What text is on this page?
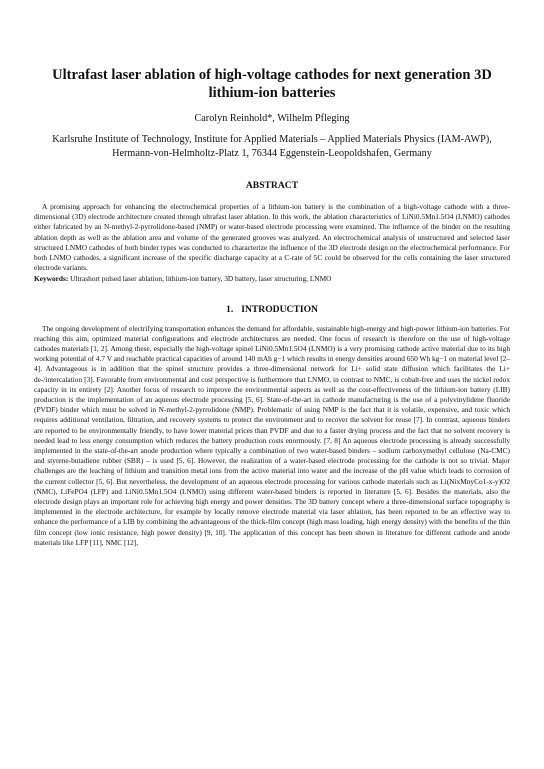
Ultrafast laser ablation of high-voltage cathodes for next generation 3D lithium-ion batteries
Carolyn Reinhold*, Wilhelm Pfleging
Karlsruhe Institute of Technology, Institute for Applied Materials – Applied Materials Physics (IAM-AWP), Hermann-von-Helmholtz-Platz 1, 76344 Eggenstein-Leopoldshafen, Germany
ABSTRACT

A promising approach for enhancing the electrochemical properties of a lithium-ion battery is the combination of a high-voltage cathode with a three-dimensional (3D) electrode architecture created through ultrafast laser ablation. In this work, the ablation characteristics of LiNi0.5Mn1.5O4 (LNMO) cathodes either fabricated by an N-methyl-2-pyrrolidone-based (NMP) or water-based electrode processing were examined. The influence of the binder on the resulting ablation depth as well as the ablation area and volume of the generated grooves was analyzed. An electrochemical analysis of unstructured and selected laser structured LNMO cathodes of both binder types was conducted to characterize the influence of the 3D electrode design on the electrochemical performance. For both LNMO cathodes, a significant increase of the specific discharge capacity at a C-rate of 5C could be observed for the cells containing the laser structured electrode variants.

Keywords: Ultrashort pulsed laser ablation, lithium-ion battery, 3D battery, laser structuring, LNMO
1. INTRODUCTION

The ongoing development of electrifying transportation enhances the demand for affordable, sustainable high-energy and high-power lithium-ion batteries. For reaching this aim, optimized material configurations and electrode architectures are needed. One focus of research is therefore on the use of high-voltage cathodes materials [1, 2]. Among these, especially the high-voltage spinel LiNi0.5Mn1.5O4 (LNMO) is a very promising cathode active material due to its high working potential of 4.7 V and reachable practical capacities of around 140 mAh g−1 which results in energy densities around 650 Wh kg−1 on material level [2–4]. Advantageous is in addition that the spinel structure provides a three-dimensional network for Li+ solid state diffusion which facilitates the Li+ de-/intercalation [3]. Favorable from environmental and cost perspective is furthermore that LNMO, in contrast to NMC, is cobalt-free and uses the nickel redox capacity in its entirety [2]. Another focus of research to improve the environmental aspects as well as the cost-effectiveness of the lithium-ion battery (LIB) production is the implementation of an aqueous electrode processing [5, 6]. State-of-the-art in cathode manufacturing is the use of a polyvinylidene fluoride (PVDF) binder which must be solved in N-methyl-2-pyrrolidone (NMP). Problematic of using NMP is the fact that it is volatile, expensive, and toxic which requires additional ventilation, filtration, and recovery systems to protect the environment and to recover the solvent for reuse [7]. In contrast, aqueous binders are reported to be environmentally friendly, to have lower material prices than PVDF and due to a faster drying process and the fact that no solvent recovery is needed lead to less energy consumption which reduces the battery production costs enormously. [7, 8] An aqueous electrode processing is already successfully implemented in the state-of-the-art anode production where typically a combination of two water-based binders – sodium carboxymethyl cellulose (Na-CMC) and styrene-butadiene rubber (SBR) – is used [5, 6]. However, the realization of a water-based electrode processing for the cathode is not so trivial. Major challenges are the leaching of lithium and transition metal ions from the active material into water and the increase of the pH value which leads to corrosion of the current collector [5, 6]. But nevertheless, the development of an aqueous electrode processing for various cathode materials such as Li(NixMnyCo1-x-y)O2 (NMC), LiFePO4 (LFP) and LiNi0.5Mn1.5O4 (LNMO) using different water-based binders is reported in literature [5, 6]. Besides the materials, also the electrode design plays an important role for achieving high energy and power densities. The 3D battery concept where a three-dimensional surface topography is implemented in the electrode architecture, for example by locally remove electrode material via laser ablation, has been reported to be an effective way to enhance the performance of a LIB by combining the advantageous of the thick-film concept (high mass loading, high energy density) with the benefits of the thin film concept (low ionic resistance, high power density) [9, 10]. The application of this concept has been shown in literature for different cathode and anode materials like LFP [11], NMC [12],
